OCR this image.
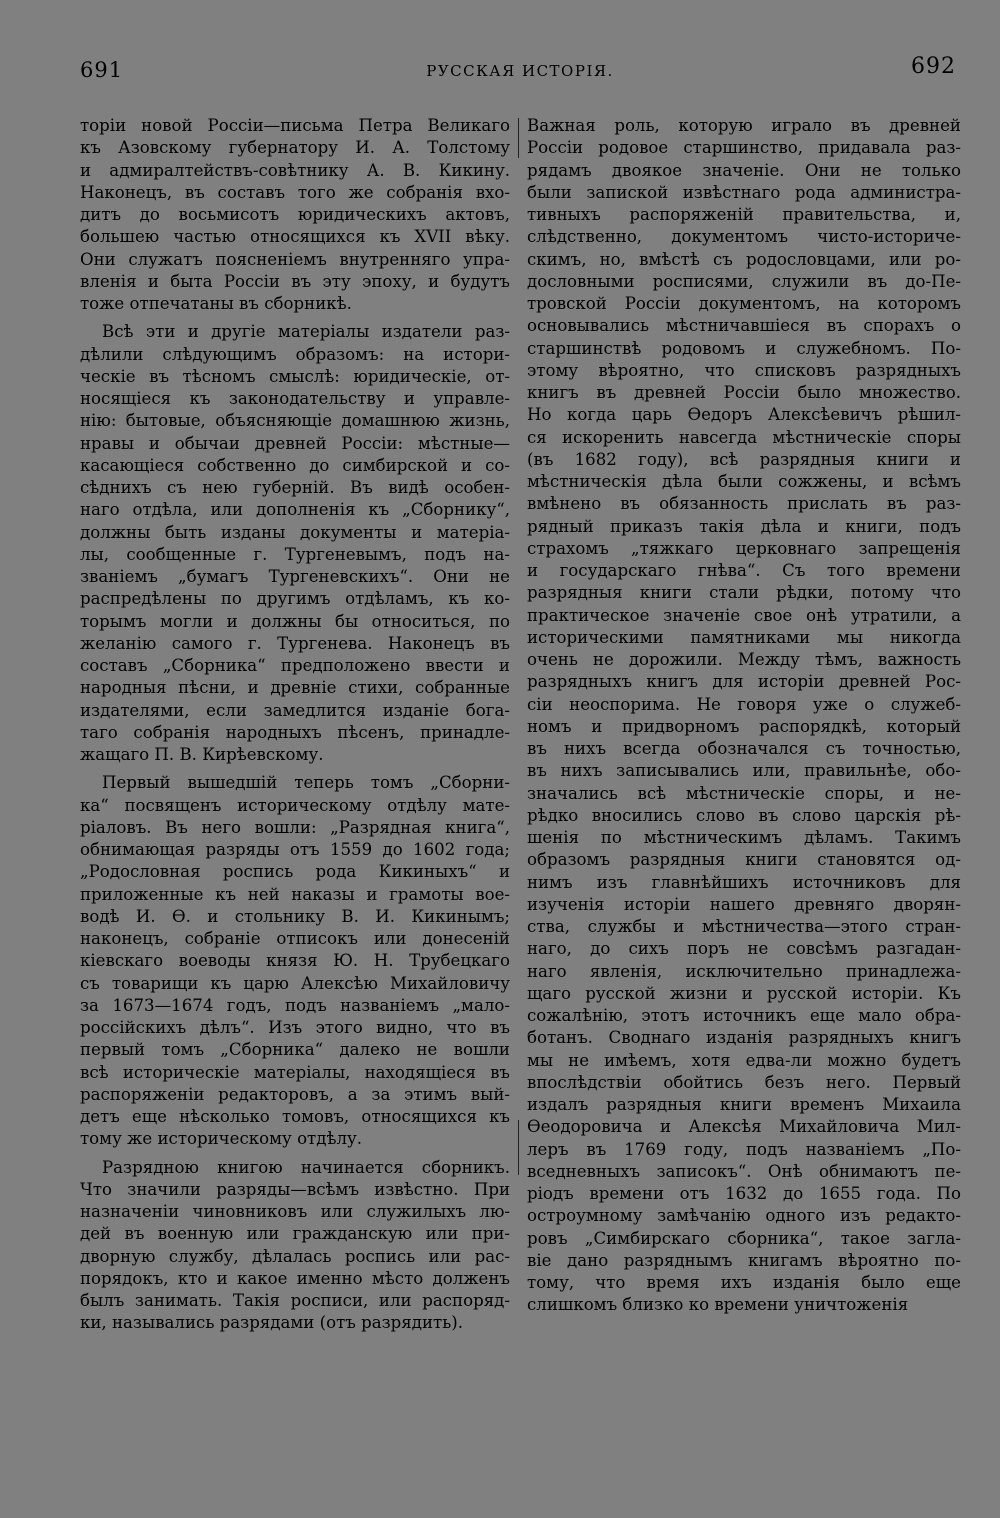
691	РУССКАЯ ИСТОРІЯ.	692

торіи новой Россіи—письма Петра Великаго
къ Азовскому губернатору И. А. Толстому
и адмиралтействъ-совѣтнику А. В. Кикину.
Наконецъ, въ составъ того же собранія вхо-
дитъ до восьмисотъ юридическихъ актовъ,
большею частью относящихся къ XVII вѣку.
Они служатъ поясненіемъ внутренняго упра-
вленія и быта Россіи въ эту эпоху, и будутъ
тоже отпечатаны въ сборникѣ.

Всѣ эти и другіе матеріалы издатели раз-
дѣлили слѣдующимъ образомъ: на истори-
ческіе въ тѣсномъ смыслѣ: юридическіе, от-
носящіеся къ законодательству и управле-
нію: бытовые, объясняющіе домашнюю жизнь,
нравы и обычаи древней Россіи: мѣстные—
касающіеся собственно до симбирской и со-
сѣднихъ съ нею губерній. Въ видѣ особен-
наго отдѣла, или дополненія къ „Сборнику“,
должны быть изданы документы и матеріа-
лы, сообщенные г. Тургеневымъ, подъ на-
званіемъ „бумагъ Тургеневскихъ“. Они не
распредѣлены по другимъ отдѣламъ, къ ко-
торымъ могли и должны бы относиться, по
желанію самого г. Тургенева. Наконецъ въ
составъ „Сборника“ предположено ввести и
народныя пѣсни, и древніе стихи, собранные
издателями, если замедлится изданіе бога-
таго собранія народныхъ пѣсенъ, принадле-
жащаго П. В. Кирѣевскому.

Первый вышедшій теперь томъ „Сборни-
ка“ посвященъ историческому отдѣлу мате-
ріаловъ. Въ него вошли: „Разрядная книга“,
обнимающая разряды отъ 1559 до 1602 года;
„Родословная роспись рода Кикиныхъ“ и
приложенные къ ней наказы и грамоты вое-
водѣ И. Ѳ. и стольнику В. И. Кикинымъ;
наконецъ, собраніе отписокъ или донесеній
кіевскаго воеводы князя Ю. Н. Трубецкаго
съ товарищи къ царю Алексѣю Михайловичу
за 1673—1674 годъ, подъ названіемъ „мало-
россійскихъ дѣлъ“. Изъ этого видно, что въ
первый томъ „Сборника“ далеко не вошли
всѣ историческіе матеріалы, находящіеся въ
распоряженіи редакторовъ, а за этимъ вый-
детъ еще нѣсколько томовъ, относящихся къ
тому же историческому отдѣлу.

Разрядною книгою начинается сборникъ.
Что значили разряды—всѣмъ извѣстно. При
назначеніи чиновниковъ или служилыхъ лю-
дей въ военную или гражданскую или при-
дворную службу, дѣлалась роспись или рас-
порядокъ, кто и какое именно мѣсто долженъ
былъ занимать. Такія росписи, или распоряд-
ки, назывались разрядами (отъ разрядить).

Важная роль, которую играло въ древней
Россіи родовое старшинство, придавала раз-
рядамъ двоякое значеніе. Они не только
были запиской извѣстнаго рода администра-
тивныхъ распоряженій правительства, и,
слѣдственно, документомъ чисто-историче-
скимъ, но, вмѣстѣ съ родословцами, или ро-
дословными росписями, служили въ до-Пе-
тровской Россіи документомъ, на которомъ
основывались мѣстничавшіеся въ спорахъ о
старшинствѣ родовомъ и служебномъ. По-
этому вѣроятно, что списковъ разрядныхъ
книгъ въ древней Россіи было множество.
Но когда царь Ѳедоръ Алексѣевичъ рѣшил-
ся искоренить навсегда мѣстническіе споры
(въ 1682 году), всѣ разрядныя книги и
мѣстническія дѣла были сожжены, и всѣмъ
вмѣнено въ обязанность прислать въ раз-
рядный приказъ такія дѣла и книги, подъ
страхомъ „тяжкаго церковнаго запрещенія
и государскаго гнѣва“. Съ того времени
разрядныя книги стали рѣдки, потому что
практическое значеніе свое онѣ утратили, а
историческими памятниками мы никогда
очень не дорожили. Между тѣмъ, важность
разрядныхъ книгъ для исторіи древней Рос-
сіи неоспорима. Не говоря уже о служеб-
номъ и придворномъ распорядкѣ, который
въ нихъ всегда обозначался съ точностью,
въ нихъ записывались или, правильнѣе, обо-
значались всѣ мѣстническіе споры, и не-
рѣдко вносились слово въ слово царскія рѣ-
шенія по мѣстническимъ дѣламъ. Такимъ
образомъ разрядныя книги становятся од-
нимъ изъ главнѣйшихъ источниковъ для
изученія исторіи нашего древняго дворян-
ства, службы и мѣстничества—этого стран-
наго, до сихъ поръ не совсѣмъ разгадан-
наго явленія, исключительно принадлежа-
щаго русской жизни и русской исторіи. Къ
сожалѣнію, этотъ источникъ еще мало обра-
ботанъ. Своднаго изданія разрядныхъ книгъ
мы не имѣемъ, хотя едва-ли можно будетъ
впослѣдствіи обойтись безъ него. Первый
издалъ разрядныя книги временъ Михаила
Ѳеодоровича и Алексѣя Михайловича Мил-
леръ въ 1769 году, подъ названіемъ „По-
вседневныхъ записокъ“. Онѣ обнимаютъ пе-
ріодъ времени отъ 1632 до 1655 года. По
остроумному замѣчанію одного изъ редакто-
ровъ „Симбирскаго сборника“, такое загла-
віе дано разряднымъ книгамъ вѣроятно по-
тому, что время ихъ изданія было еще
слишкомъ близко ко времени уничтоженія
